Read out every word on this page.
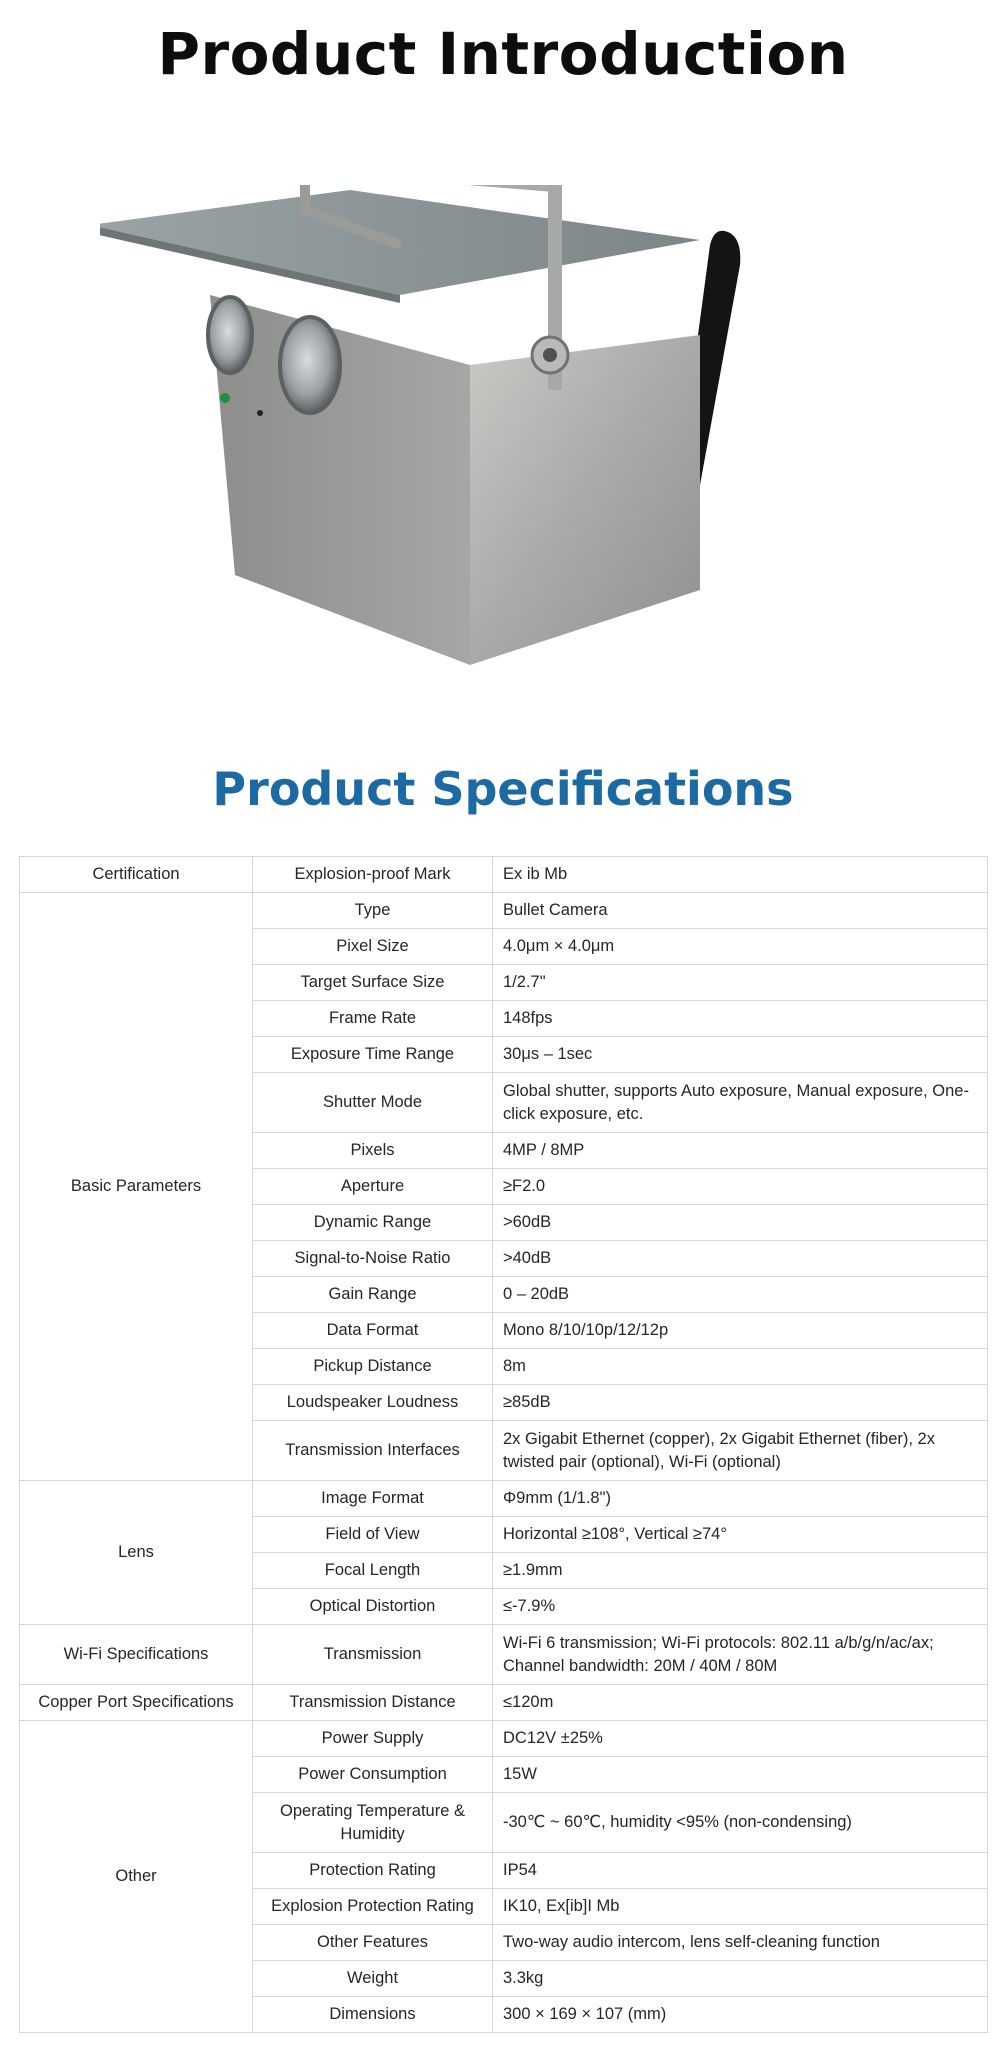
Product Introduction
Product Specifications
Certification	Explosion-proof Mark	Ex ib Mb
Basic Parameters	Type	Bullet Camera
	Pixel Size	4.0μm × 4.0μm
	Target Surface Size	1/2.7"
	Frame Rate	148fps
	Exposure Time Range	30μs – 1sec
	Shutter Mode	Global shutter, supports Auto exposure, Manual exposure, One-click exposure, etc.
	Pixels	4MP / 8MP
	Aperture	≥F2.0
	Dynamic Range	>60dB
	Signal-to-Noise Ratio	>40dB
	Gain Range	0 – 20dB
	Data Format	Mono 8/10/10p/12/12p
	Pickup Distance	8m
	Loudspeaker Loudness	≥85dB
	Transmission Interfaces	2x Gigabit Ethernet (copper), 2x Gigabit Ethernet (fiber), 2x twisted pair (optional), Wi-Fi (optional)
Lens	Image Format	Φ9mm (1/1.8")
	Field of View	Horizontal ≥108°, Vertical ≥74°
	Focal Length	≥1.9mm
	Optical Distortion	≤-7.9%
Wi-Fi Specifications	Transmission	Wi-Fi 6 transmission; Wi-Fi protocols: 802.11 a/b/g/n/ac/ax; Channel bandwidth: 20M / 40M / 80M
Copper Port Specifications	Transmission Distance	≤120m
Other	Power Supply	DC12V ±25%
	Power Consumption	15W
	Operating Temperature & Humidity	-30℃ ~ 60℃, humidity <95% (non-condensing)
	Protection Rating	IP54
	Explosion Protection Rating	IK10, Ex[ib]I Mb
	Other Features	Two-way audio intercom, lens self-cleaning function
	Weight	3.3kg
	Dimensions	300 × 169 × 107 (mm)
